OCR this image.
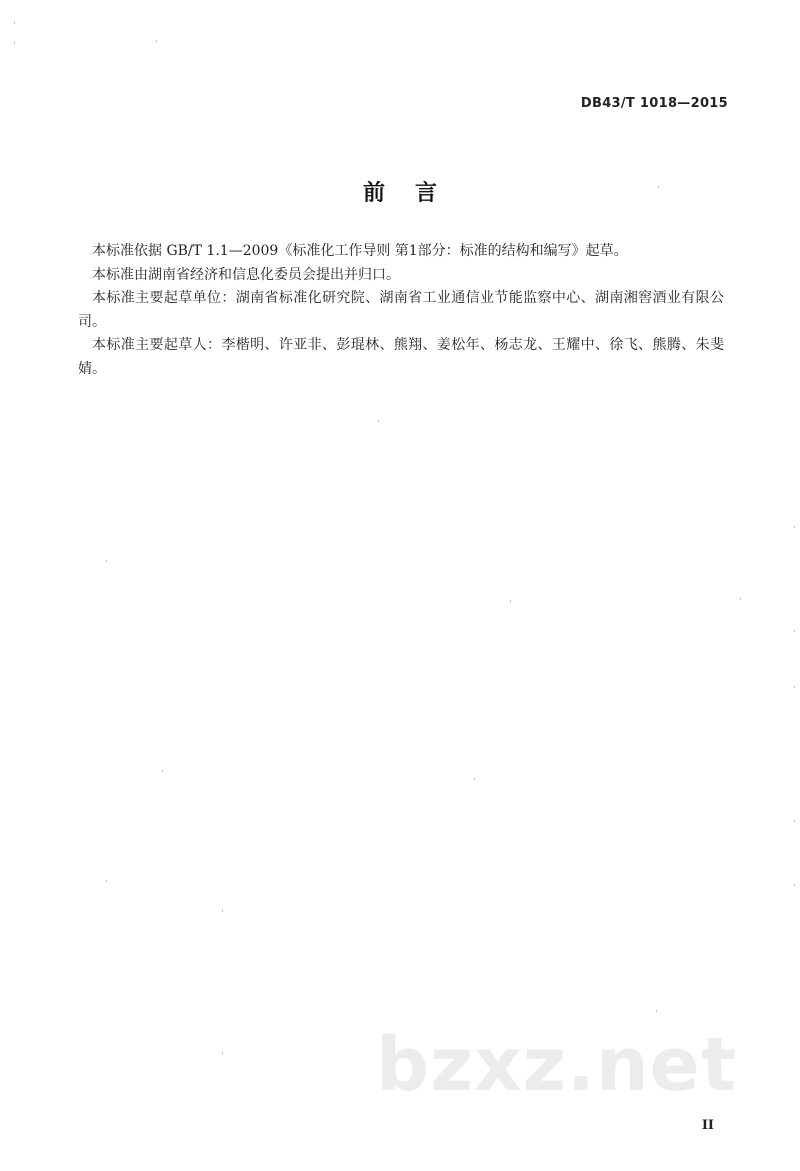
DB43/T 1018—2015
前言

本标准依据 GB/T 1.1—2009《标准化工作导则 第1部分：标准的结构和编写》起草。

本标准由湖南省经济和信息化委员会提出并归口。

本标准主要起草单位：湖南省标准化研究院、湖南省工业通信业节能监察中心、湖南湘窖酒业有限公司。

本标准主要起草人：李楷明、许亚非、彭琨林、熊翔、姜松年、杨志龙、王耀中、徐飞、熊腾、朱斐婧。

bzxz.net
II
